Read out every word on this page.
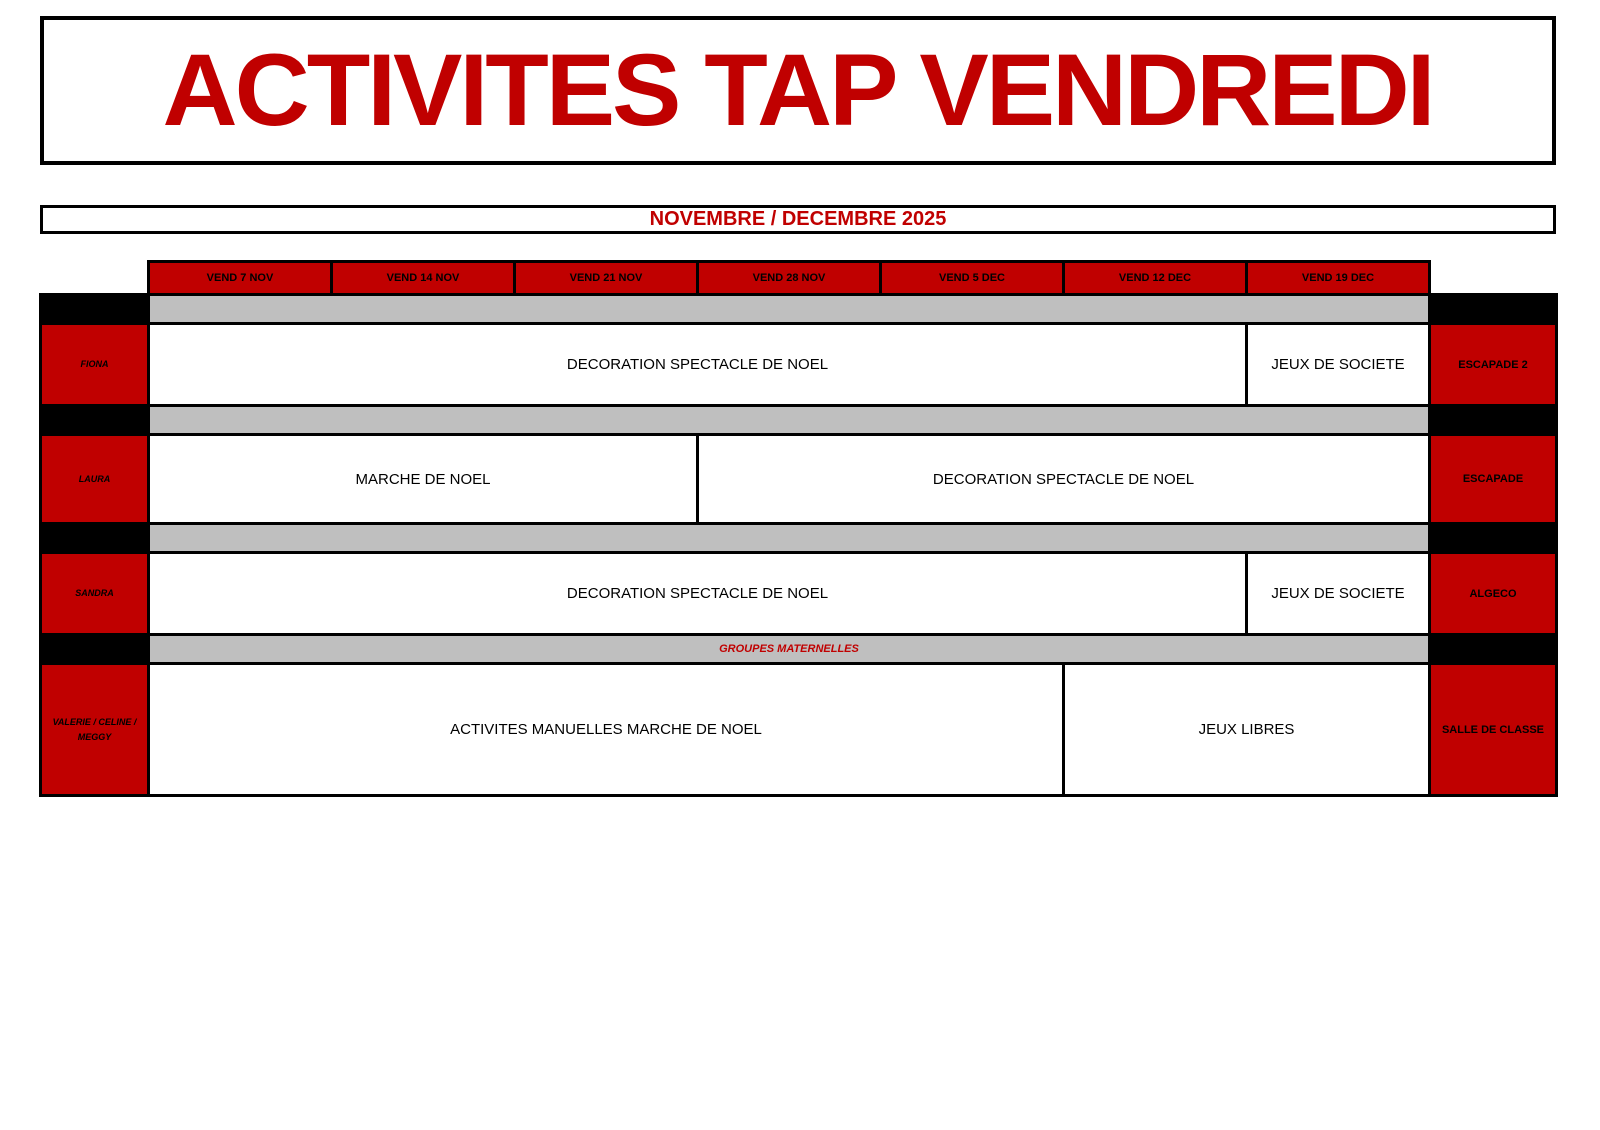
ACTIVITES TAP VENDREDI
NOVEMBRE / DECEMBRE 2025
VEND 7 NOV	VEND 14 NOV	VEND 21 NOV	VEND 28 NOV	VEND 5 DEC	VEND 12 DEC	VEND 19 DEC
FIONA	DECORATION SPECTACLE DE NOEL	JEUX DE SOCIETE	ESCAPADE 2
LAURA	MARCHE DE NOEL	DECORATION SPECTACLE DE NOEL	ESCAPADE
SANDRA	DECORATION SPECTACLE DE NOEL	JEUX DE SOCIETE	ALGECO
GROUPES MATERNELLES
VALERIE / CELINE / MEGGY	ACTIVITES MANUELLES MARCHE DE NOEL	JEUX LIBRES	SALLE DE CLASSE
